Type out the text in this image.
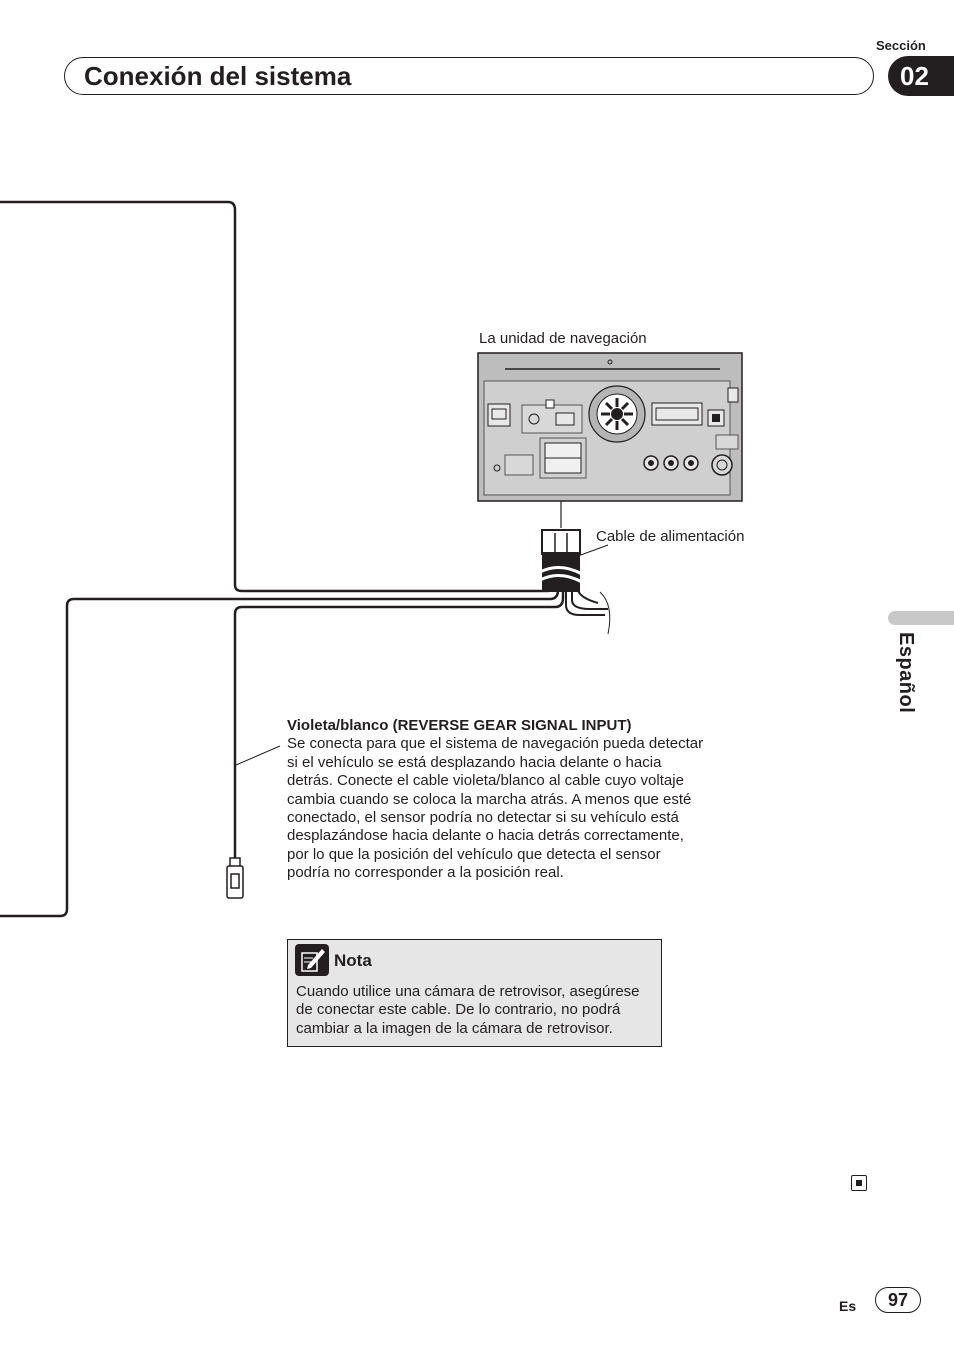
Sección
Conexión del sistema	02
Español
La unidad de navegación
Cable de alimentación
Violeta/blanco (REVERSE GEAR SIGNAL INPUT)
Se conecta para que el sistema de navegación pueda detectar si el vehículo se está desplazando hacia delante o hacia detrás. Conecte el cable violeta/blanco al cable cuyo voltaje cambia cuando se coloca la marcha atrás. A menos que esté conectado, el sensor podría no detectar si su vehículo está desplazándose hacia delante o hacia detrás correctamente, por lo que la posición del vehículo que detecta el sensor podría no corresponder a la posición real.
Nota
Cuando utilice una cámara de retrovisor, asegúrese de conectar este cable. De lo contrario, no podrá cambiar a la imagen de la cámara de retrovisor.
Es	97
